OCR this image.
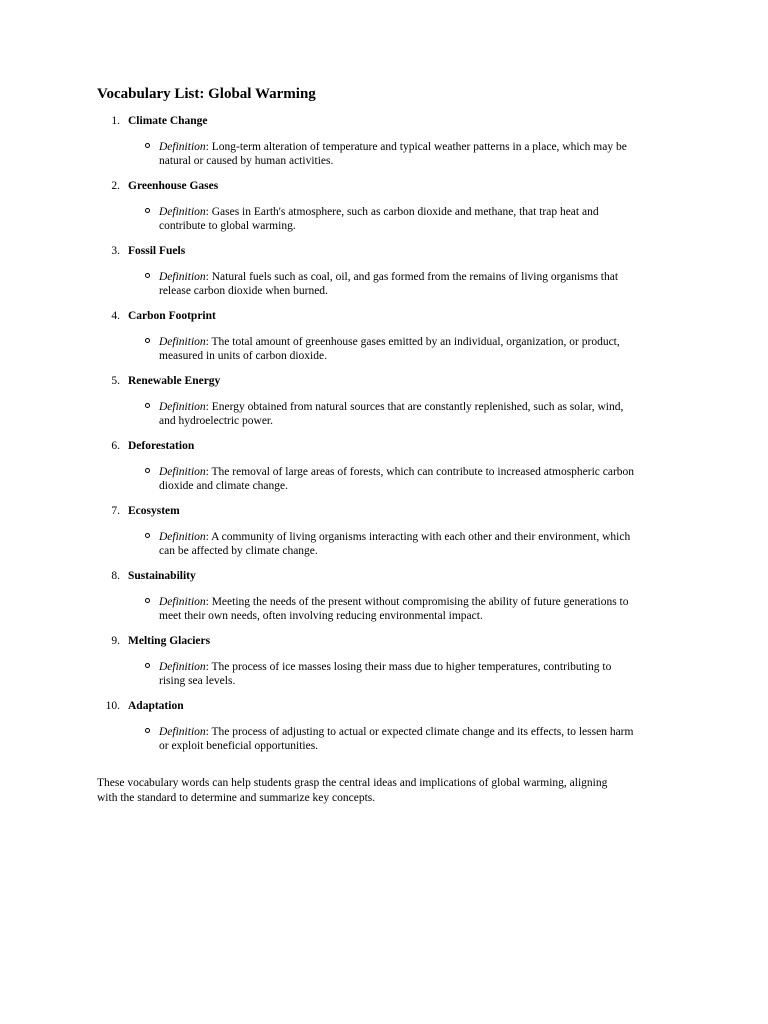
Vocabulary List: Global Warming
1. Climate Change
Definition: Long-term alteration of temperature and typical weather patterns in a place, which may be
natural or caused by human activities.
2. Greenhouse Gases
Definition: Gases in Earth's atmosphere, such as carbon dioxide and methane, that trap heat and
contribute to global warming.
3. Fossil Fuels
Definition: Natural fuels such as coal, oil, and gas formed from the remains of living organisms that
release carbon dioxide when burned.
4. Carbon Footprint
Definition: The total amount of greenhouse gases emitted by an individual, organization, or product,
measured in units of carbon dioxide.
5. Renewable Energy
Definition: Energy obtained from natural sources that are constantly replenished, such as solar, wind,
and hydroelectric power.
6. Deforestation
Definition: The removal of large areas of forests, which can contribute to increased atmospheric carbon
dioxide and climate change.
7. Ecosystem
Definition: A community of living organisms interacting with each other and their environment, which
can be affected by climate change.
8. Sustainability
Definition: Meeting the needs of the present without compromising the ability of future generations to
meet their own needs, often involving reducing environmental impact.
9. Melting Glaciers
Definition: The process of ice masses losing their mass due to higher temperatures, contributing to
rising sea levels.
10. Adaptation
Definition: The process of adjusting to actual or expected climate change and its effects, to lessen harm
or exploit beneficial opportunities.

These vocabulary words can help students grasp the central ideas and implications of global warming, aligning
with the standard to determine and summarize key concepts.
